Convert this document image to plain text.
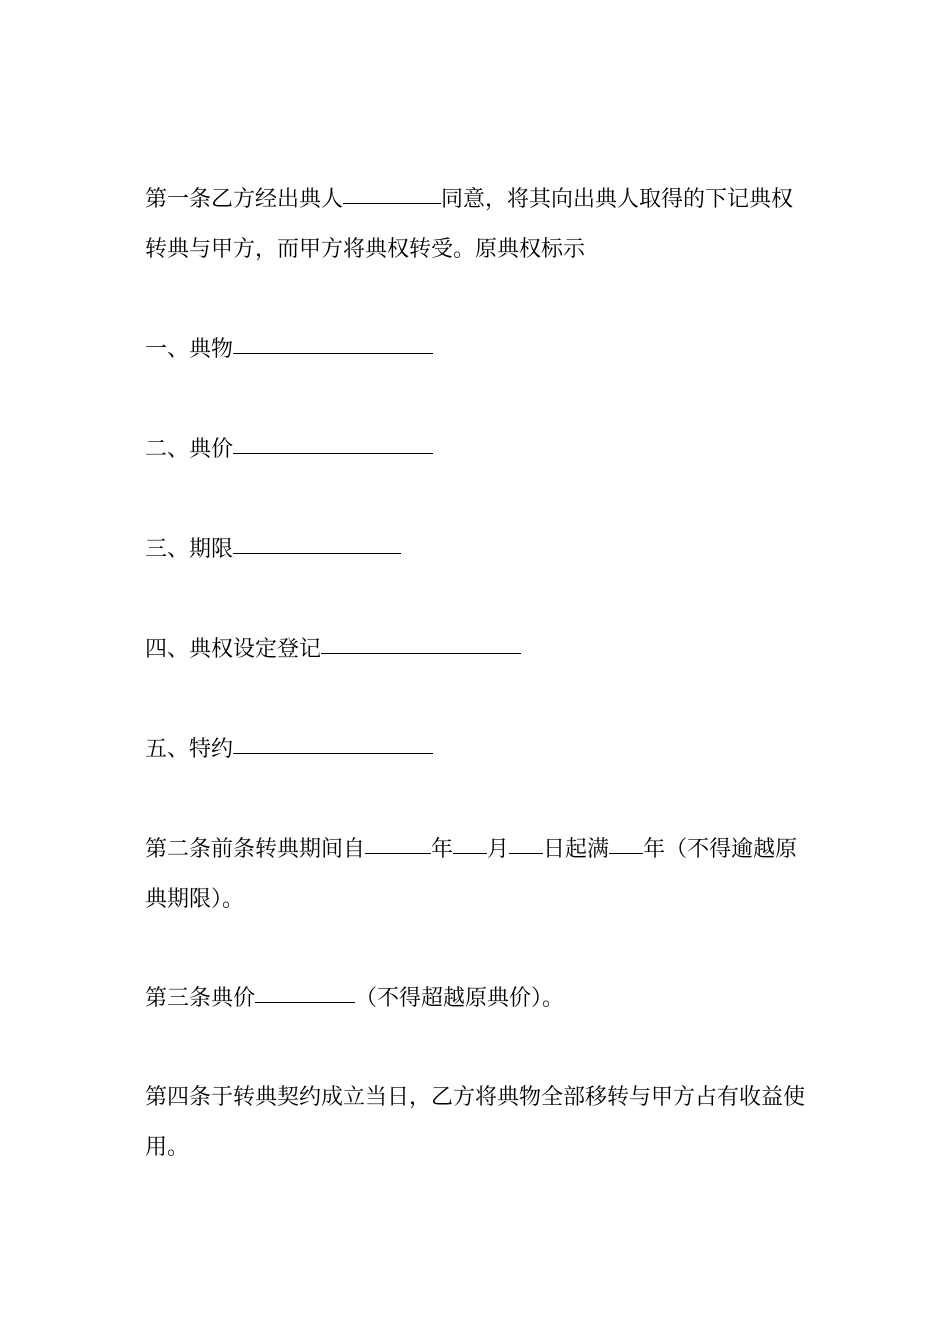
第一条乙方经出典人	同意，将其向出典人取得的下记典权转典与甲方，而甲方将典权转受。原典权标示

一、典物

二、典价

三、期限

四、典权设定登记

五、特约

第二条前条转典期间自	年 月 日起满 年（不得逾越原典期限）。

第三条典价	（不得超越原典价）。

第四条于转典契约成立当日，乙方将典物全部移转与甲方占有收益使用。
